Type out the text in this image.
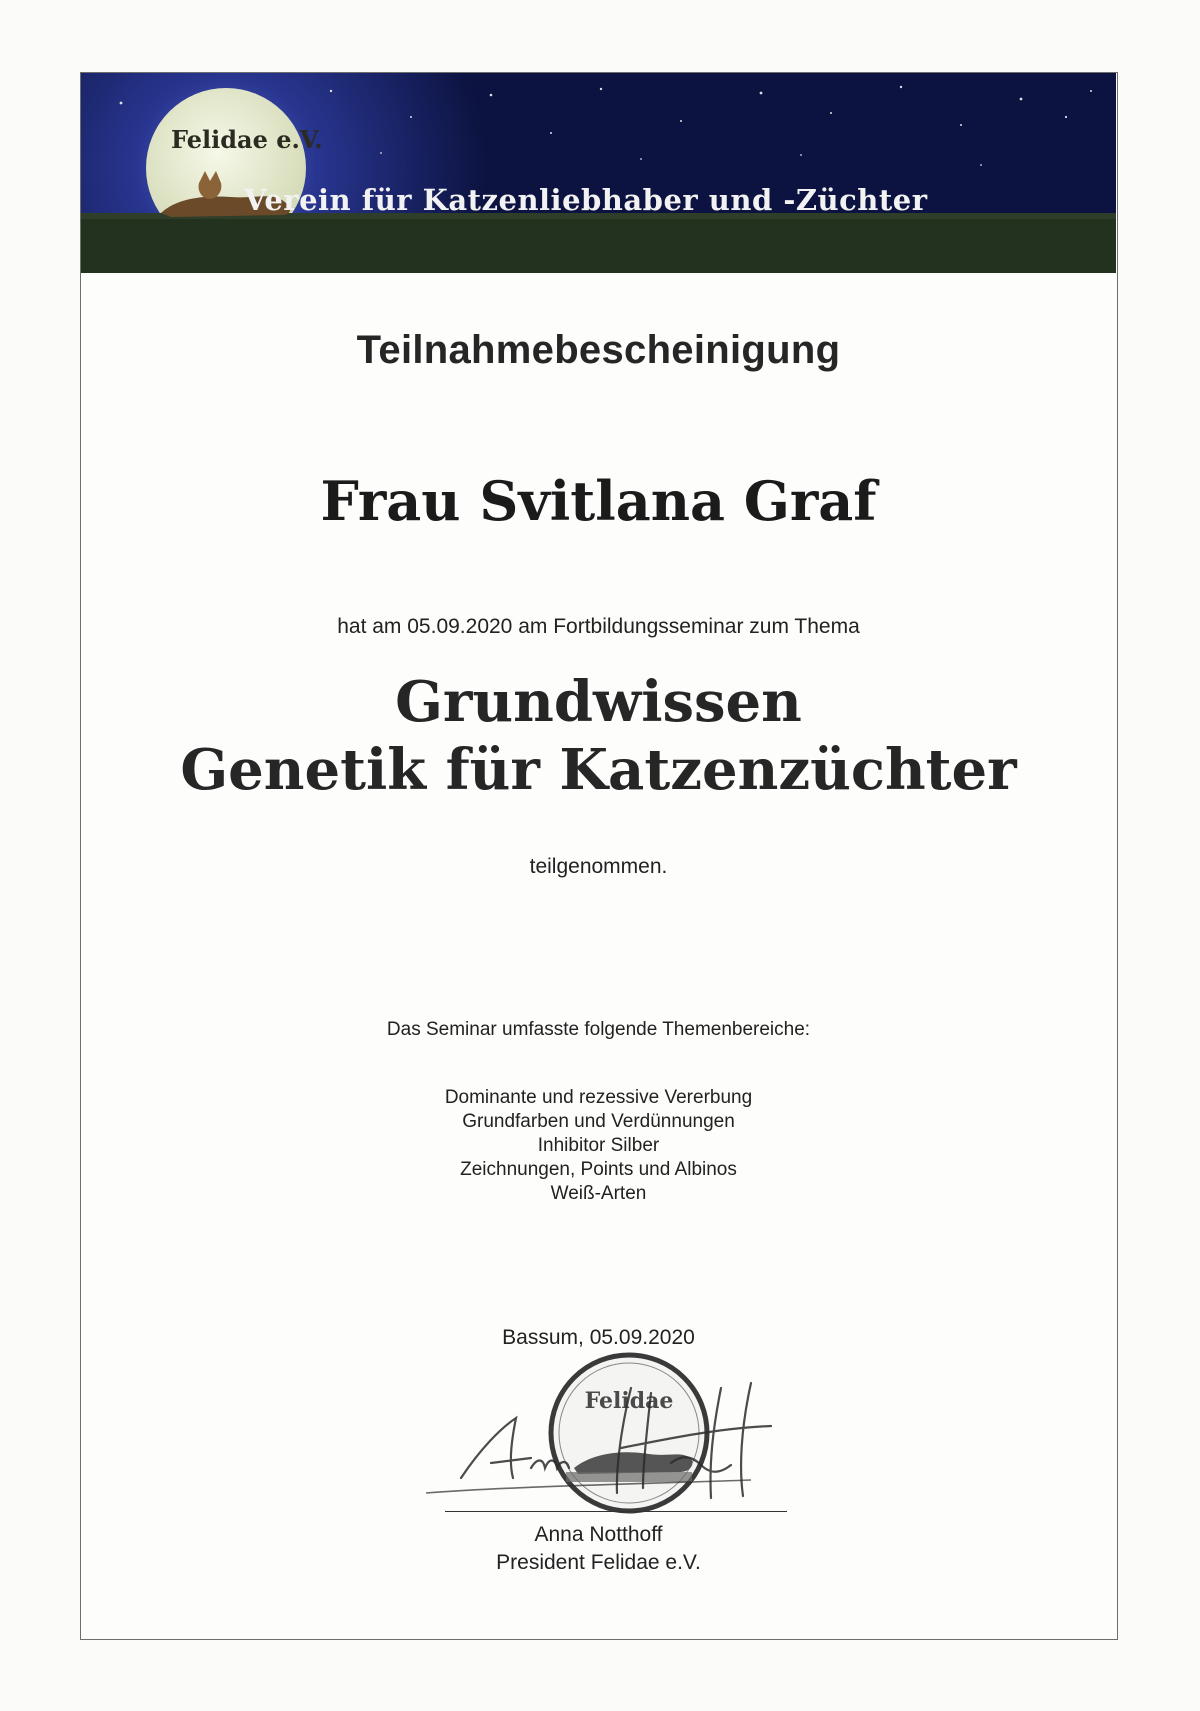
Felidae e.V.
Verein für Katzenliebhaber und -Züchter
Teilnahmebescheinigung
Frau Svitlana Graf
hat am 05.09.2020 am Fortbildungsseminar zum Thema
Grundwissen
Genetik für Katzenzüchter
teilgenommen.
Das Seminar umfasste folgende Themenbereiche:
Dominante und rezessive Vererbung
Grundfarben und Verdünnungen
Inhibitor Silber
Zeichnungen, Points und Albinos
Weiß-Arten
Bassum, 05.09.2020
Felidae
Anna Notthoff
President Felidae e.V.
